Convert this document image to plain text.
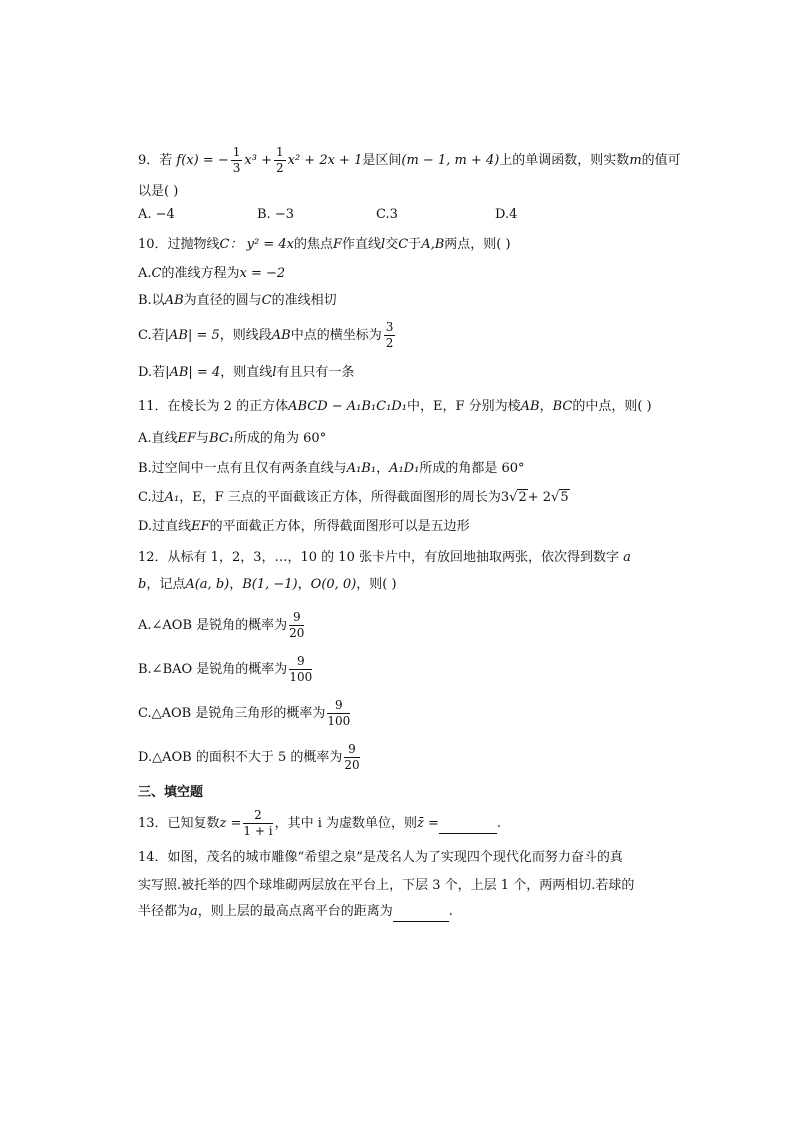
9．若 f(x) = − $\frac{1}{3} x^3 + \frac{1}{2} x^2 + 2x + 1$是区间(m − 1, m + 4)上的单调函数，则实数m的值可
以是( )
A. −4	B. −3	C.3	D.4
10．过抛物线C： y² = 4x的焦点F作直线l交C于A,B两点，则( )
A.C的准线方程为x = −2
B.以AB为直径的圆与C的准线相切
C.若|AB| = 5，则线段AB中点的横坐标为 $\frac{3}{2}$
D.若|AB| = 4，则直线l有且只有一条
11．在棱长为 2 的正方体ABCD − A₁B₁C₁D₁中，E，F 分别为棱AB，BC的中点，则( )
A.直线EF与BC₁所成的角为 60°
B.过空间中一点有且仅有两条直线与A₁B₁，A₁D₁所成的角都是 60°
C.过A₁，E，F 三点的平面截该正方体，所得截面图形的周长为3√2+ 2√5
D.过直线EF的平面截正方体，所得截面图形可以是五边形
12．从标有 1，2，3，…，10 的 10 张卡片中，有放回地抽取两张，依次得到数字 a
b，记点A(a, b)，B(1, −1)，O(0, 0)，则( )
A.∠AOB 是锐角的概率为 $\frac{9}{20}$
B.∠BAO 是锐角的概率为 $\frac{9}{100}$
C.△AOB 是锐角三角形的概率为 $\frac{9}{100}$
D.△AOB 的面积不大于 5 的概率为 $\frac{9}{20}$
三、填空题
13．已知复数$z = \frac{2}{1 + i}$ ，其中 i 为虚数单位，则z̄ =	.
14．如图，茂名的城市雕像“希望之泉”是茂名人为了实现四个现代化而努力奋斗的真
实写照.被托举的四个球堆砌两层放在平台上，下层 3 个，上层 1 个，两两相切.若球的
半径都为a，则上层的最高点离平台的距离为	.
